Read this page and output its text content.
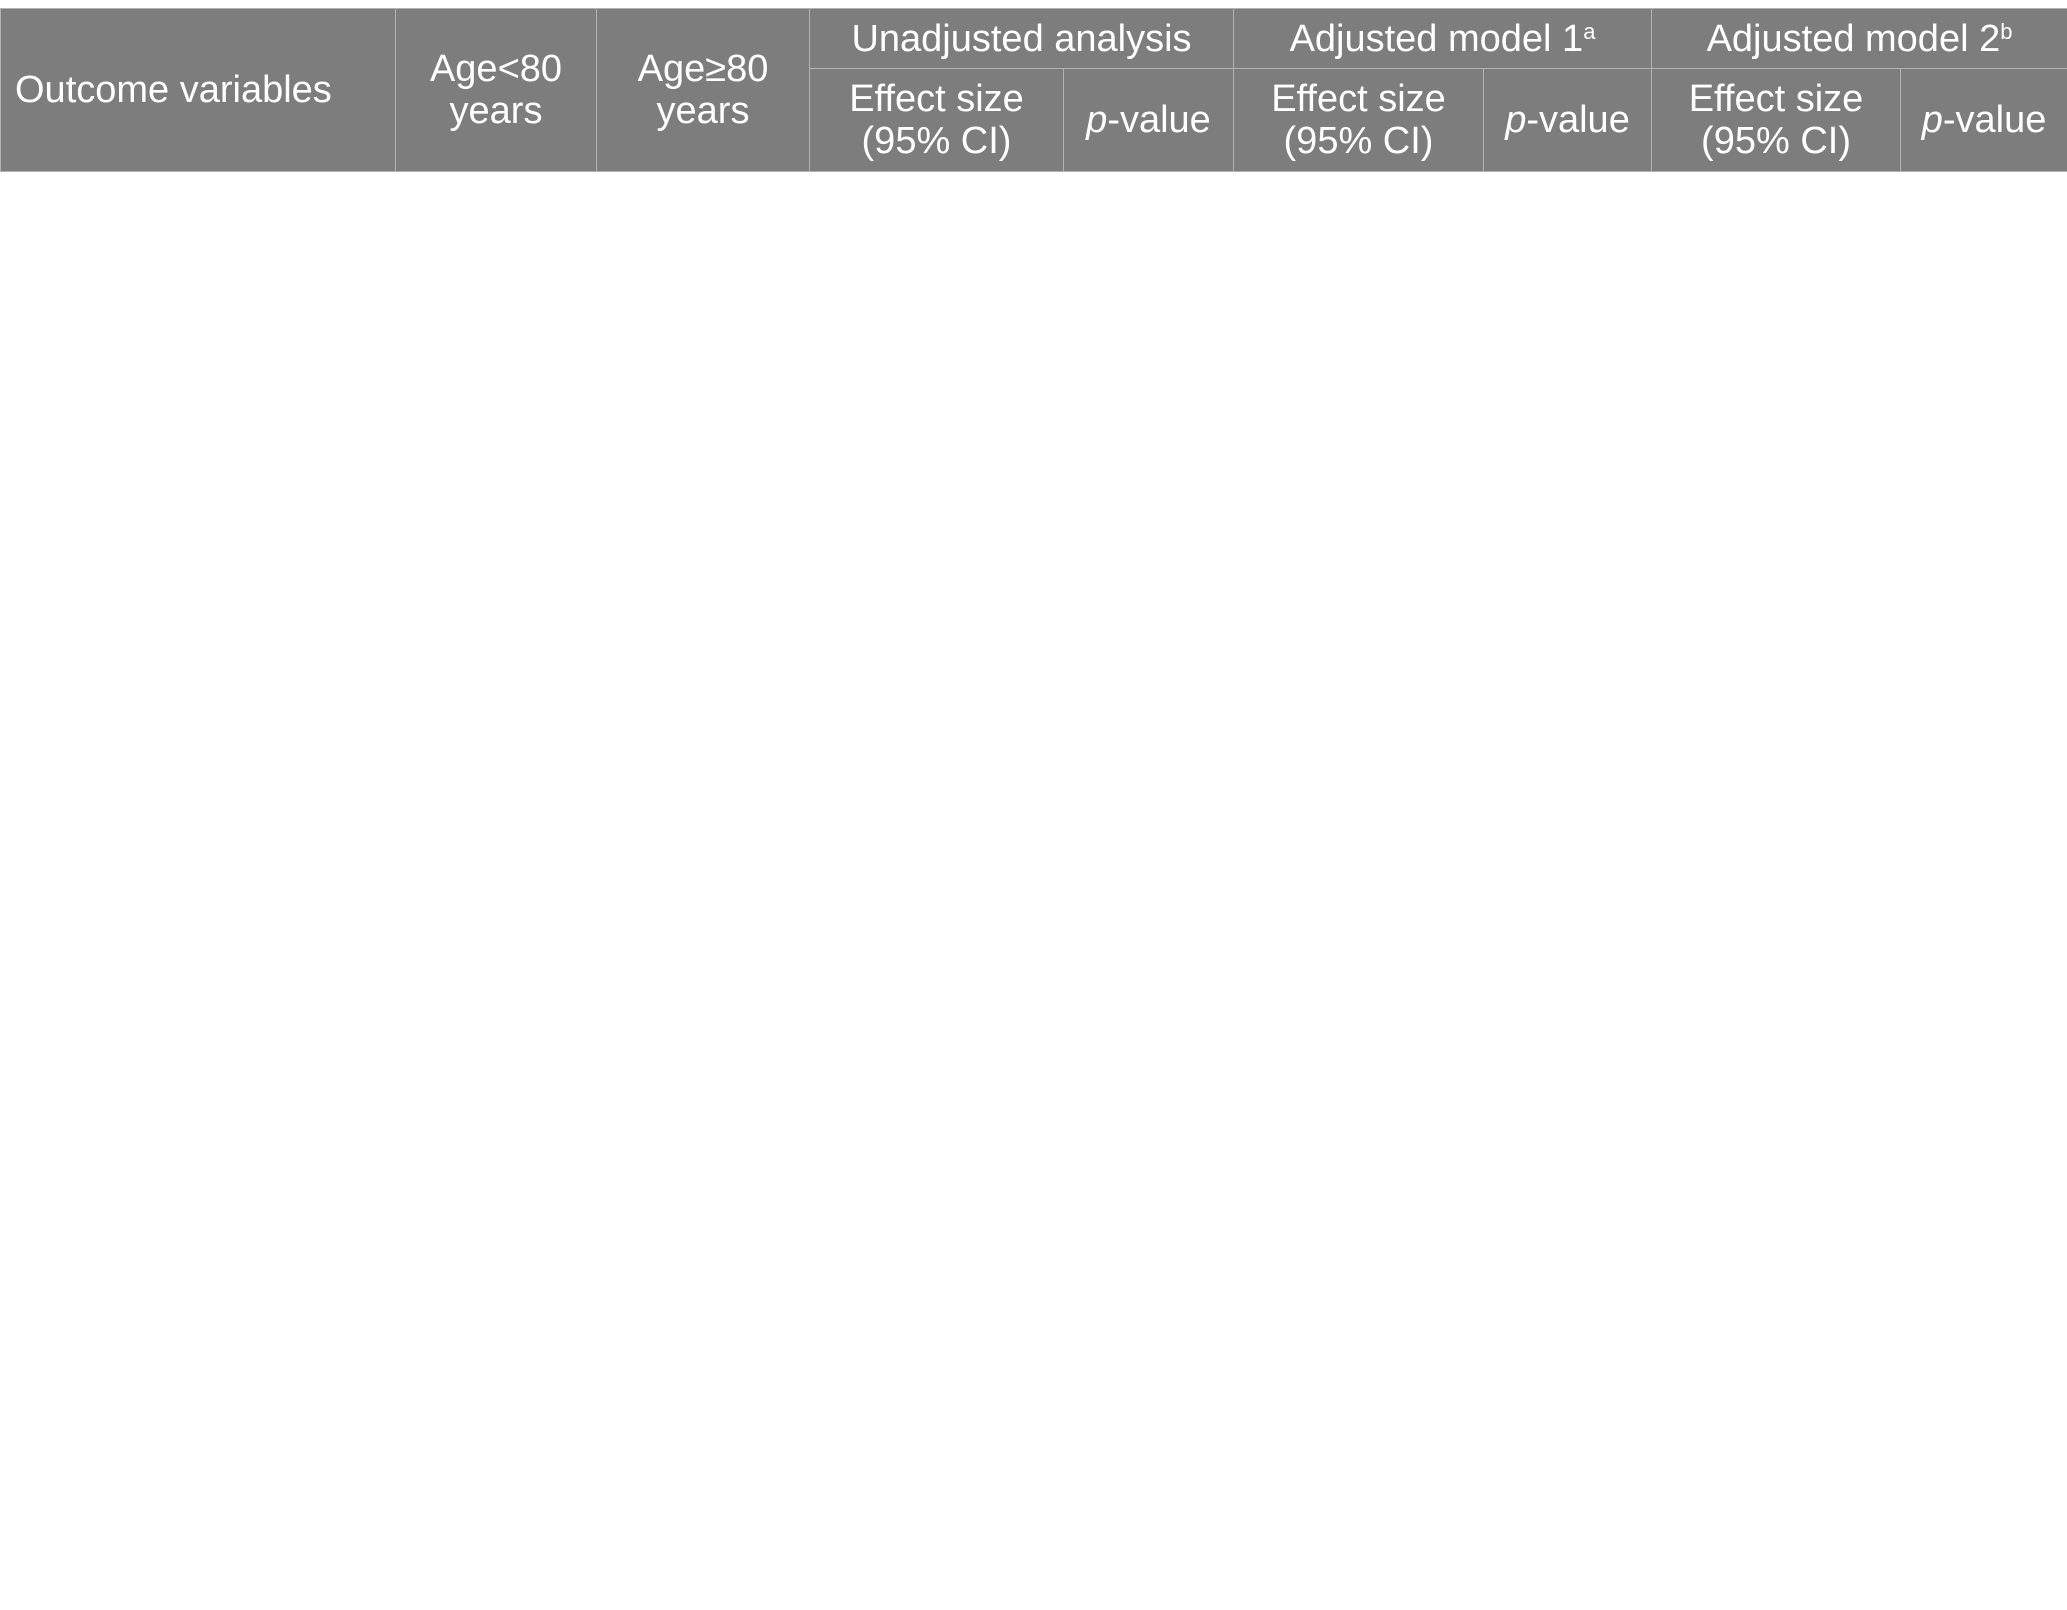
Outcome variables	Age<80 years	Age≥80 years	Unadjusted analysis		Adjusted model 1$^a$		Adjusted model 2$^b$
			Effect size (95% CI)	p-value	Effect size (95% CI)	p-value	Effect size (95% CI)	p-value
